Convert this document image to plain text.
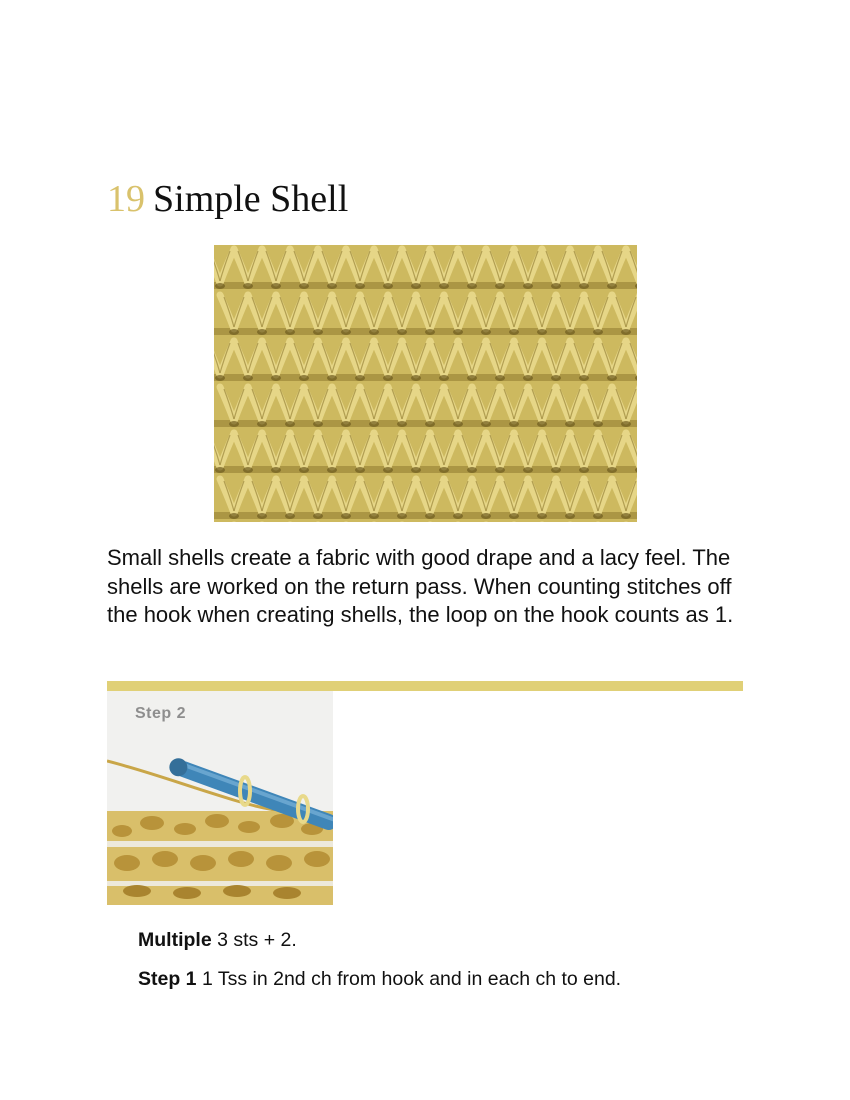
19 Simple Shell

Small shells create a fabric with good drape and a lacy feel. The shells are worked on the return pass. When counting stitches off the hook when creating shells, the loop on the hook counts as 1.

Step 2
Multiple 3 sts + 2.
Step 1 1 Tss in 2nd ch from hook and in each ch to end.
